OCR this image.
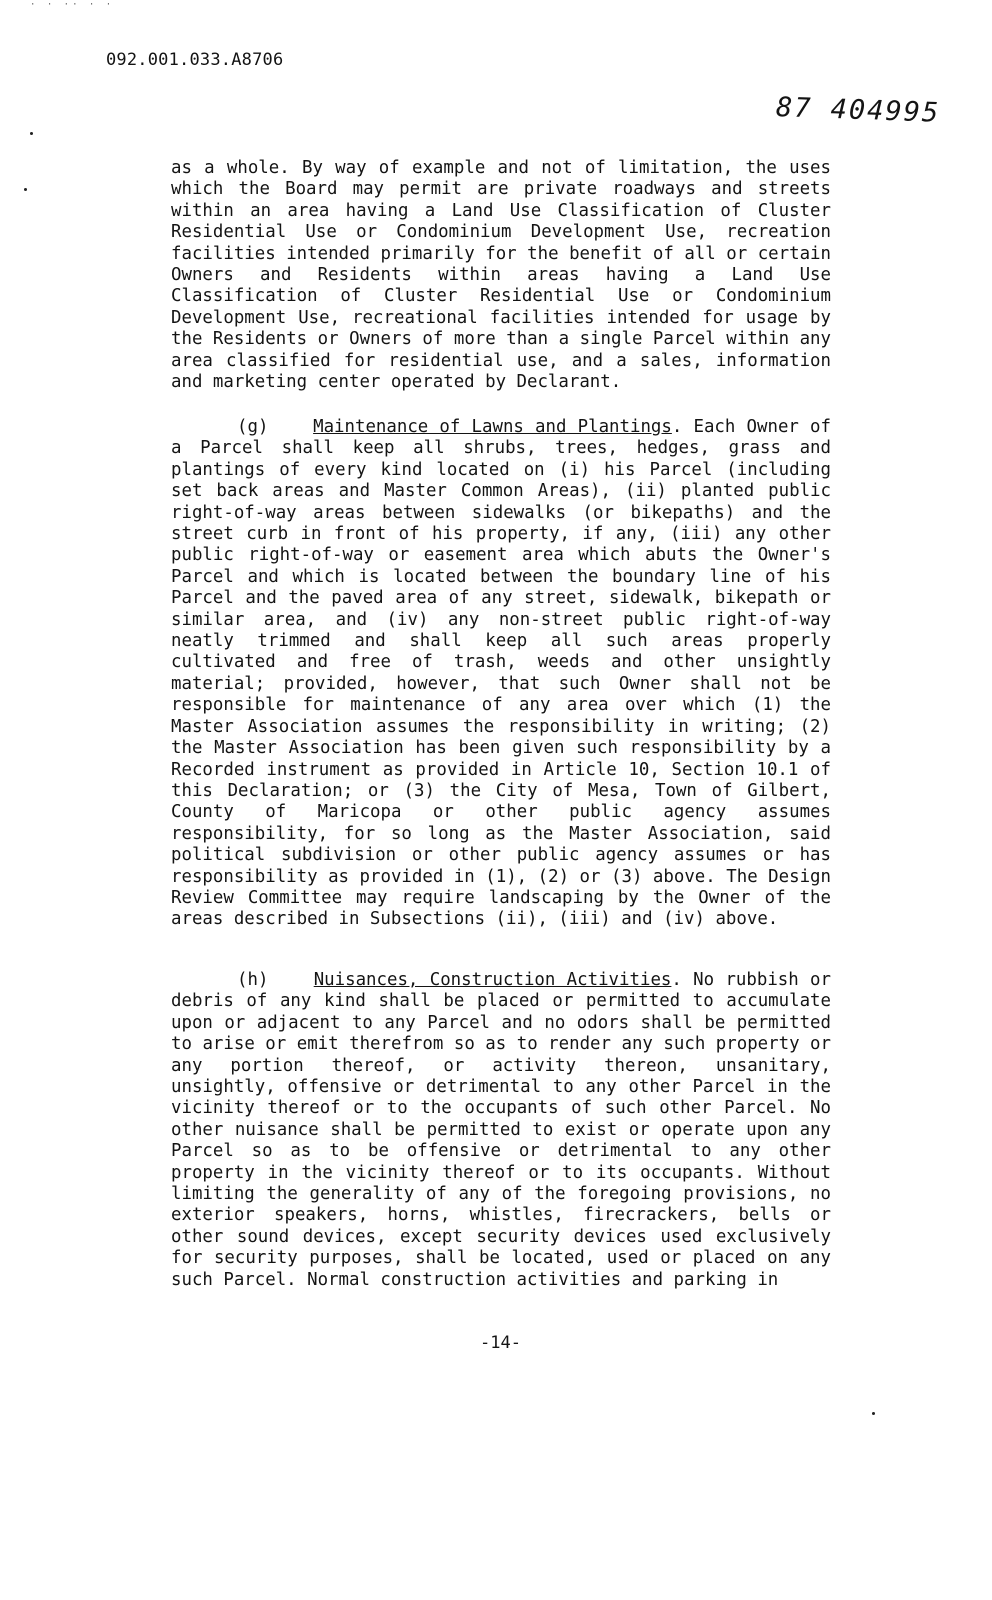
· · ·· · ·
092.001.033.A8706
87 404995

as a whole. By way of example and not of limitation, the uses which the Board may permit are private roadways and streets within an area having a Land Use Classification of Cluster Residential Use or Condominium Development Use, recreation facilities intended primarily for the benefit of all or certain Owners and Residents within areas having a Land Use Classification of Cluster Residential Use or Condominium Development Use, recreational facilities intended for usage by the Residents or Owners of more than a single Parcel within any area classified for residential use, and a sales, information and marketing center operated by Declarant.

(g)	Maintenance of Lawns and Plantings. Each Owner of a Parcel shall keep all shrubs, trees, hedges, grass and plantings of every kind located on (i) his Parcel (including set back areas and Master Common Areas), (ii) planted public right-of-way areas between sidewalks (or bikepaths) and the street curb in front of his property, if any, (iii) any other public right-of-way or easement area which abuts the Owner's Parcel and which is located between the boundary line of his Parcel and the paved area of any street, sidewalk, bikepath or similar area, and (iv) any non-street public right-of-way neatly trimmed and shall keep all such areas properly cultivated and free of trash, weeds and other unsightly material; provided, however, that such Owner shall not be responsible for maintenance of any area over which (1) the Master Association assumes the responsibility in writing; (2) the Master Association has been given such responsibility by a Recorded instrument as provided in Article 10, Section 10.1 of this Declaration; or (3) the City of Mesa, Town of Gilbert, County of Maricopa or other public agency assumes responsibility, for so long as the Master Association, said political subdivision or other public agency assumes or has responsibility as provided in (1), (2) or (3) above. The Design Review Committee may require landscaping by the Owner of the areas described in Subsections (ii), (iii) and (iv) above.

(h)	Nuisances, Construction Activities. No rubbish or debris of any kind shall be placed or permitted to accumulate upon or adjacent to any Parcel and no odors shall be permitted to arise or emit therefrom so as to render any such property or any portion thereof, or activity thereon, unsanitary, unsightly, offensive or detrimental to any other Parcel in the vicinity thereof or to the occupants of such other Parcel. No other nuisance shall be permitted to exist or operate upon any Parcel so as to be offensive or detrimental to any other property in the vicinity thereof or to its occupants. Without limiting the generality of any of the foregoing provisions, no exterior speakers, horns, whistles, firecrackers, bells or other sound devices, except security devices used exclusively for security purposes, shall be located, used or placed on any such Parcel. Normal construction activities and parking in

-14-
